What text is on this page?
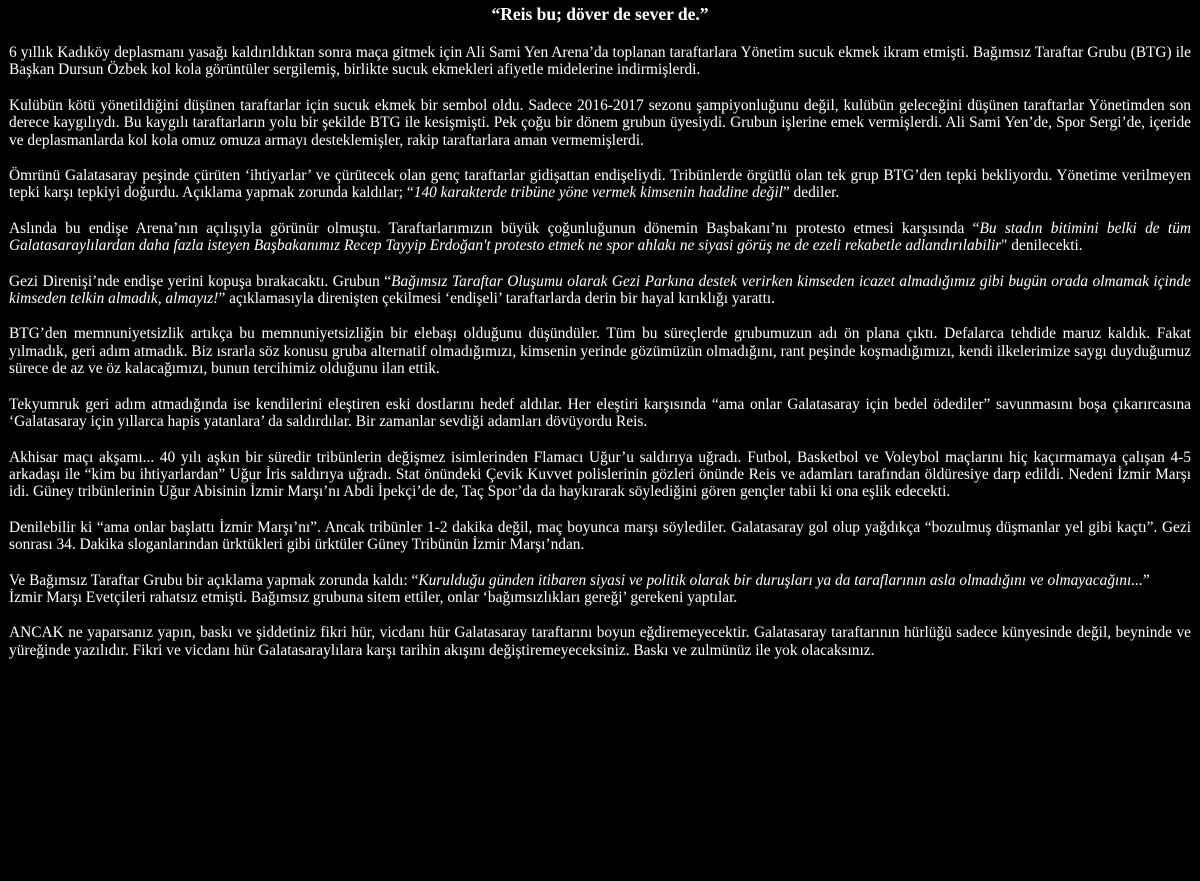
“Reis bu; döver de sever de.”

6 yıllık Kadıköy deplasmanı yasağı kaldırıldıktan sonra maça gitmek için Ali Sami Yen Arena’da toplanan taraftarlara Yönetim sucuk ekmek ikram etmişti. Bağımsız Taraftar Grubu (BTG) ile Başkan Dursun Özbek kol kola görüntüler sergilemiş, birlikte sucuk ekmekleri afiyetle midelerine indirmişlerdi.

Kulübün kötü yönetildiğini düşünen taraftarlar için sucuk ekmek bir sembol oldu. Sadece 2016-2017 sezonu şampiyonluğunu değil, kulübün geleceğini düşünen taraftarlar Yönetimden son derece kaygılıydı. Bu kaygılı taraftarların yolu bir şekilde BTG ile kesişmişti. Pek çoğu bir dönem grubun üyesiydi. Grubun işlerine emek vermişlerdi. Ali Sami Yen’de, Spor Sergi’de, içeride ve deplasmanlarda kol kola omuz omuza armayı desteklemişler, rakip taraftarlara aman vermemişlerdi.

Ömrünü Galatasaray peşinde çürüten ‘ihtiyarlar’ ve çürütecek olan genç taraftarlar gidişattan endişeliydi. Tribünlerde örgütlü olan tek grup BTG’den tepki bekliyordu. Yönetime verilmeyen tepki karşı tepkiyi doğurdu. Açıklama yapmak zorunda kaldılar; “140 karakterde tribüne yöne vermek kimsenin haddine değil” dediler.

Aslında bu endişe Arena’nın açılışıyla görünür olmuştu. Taraftarlarımızın büyük çoğunluğunun dönemin Başbakanı’nı protesto etmesi karşısında “Bu stadın bitimini belki de tüm Galatasaraylılardan daha fazla isteyen Başbakanımız Recep Tayyip Erdoğan't protesto etmek ne spor ahlakı ne siyasi görüş ne de ezeli rekabetle adlandırılabilir" denilecekti.

Gezi Direnişi’nde endişe yerini kopuşa bırakacaktı. Grubun “Bağımsız Taraftar Oluşumu olarak Gezi Parkına destek verirken kimseden icazet almadığımız gibi bugün orada olmamak içinde kimseden telkin almadık, almayız!” açıklamasıyla direnişten çekilmesi ‘endişeli’ taraftarlarda derin bir hayal kırıklığı yarattı.

BTG’den memnuniyetsizlik artıkça bu memnuniyetsizliğin bir elebaşı olduğunu düşündüler. Tüm bu süreçlerde grubumuzun adı ön plana çıktı. Defalarca tehdide maruz kaldık. Fakat yılmadık, geri adım atmadık. Biz ısrarla söz konusu gruba alternatif olmadığımızı, kimsenin yerinde gözümüzün olmadığını, rant peşinde koşmadığımızı, kendi ilkelerimize saygı duyduğumuz sürece de az ve öz kalacağımızı, bunun tercihimiz olduğunu ilan ettik.

Tekyumruk geri adım atmadığında ise kendilerini eleştiren eski dostlarını hedef aldılar. Her eleştiri karşısında “ama onlar Galatasaray için bedel ödediler” savunmasını boşa çıkarırcasına ‘Galatasaray için yıllarca hapis yatanlara’ da saldırdılar. Bir zamanlar sevdiği adamları dövüyordu Reis.

Akhisar maçı akşamı... 40 yılı aşkın bir süredir tribünlerin değişmez isimlerinden Flamacı Uğur’u saldırıya uğradı. Futbol, Basketbol ve Voleybol maçlarını hiç kaçırmamaya çalışan 4-5 arkadaşı ile “kim bu ihtiyarlardan” Uğur İris saldırıya uğradı. Stat önündeki Çevik Kuvvet polislerinin gözleri önünde Reis ve adamları tarafından öldüresiye darp edildi. Nedeni İzmir Marşı idi. Güney tribünlerinin Uğur Abisinin İzmir Marşı’nı Abdi İpekçi’de de, Taç Spor’da da haykırarak söylediğini gören gençler tabii ki ona eşlik edecekti.

Denilebilir ki “ama onlar başlattı İzmir Marşı’nı”. Ancak tribünler 1-2 dakika değil, maç boyunca marşı söylediler. Galatasaray gol olup yağdıkça “bozulmuş düşmanlar yel gibi kaçtı”. Gezi sonrası 34. Dakika sloganlarından ürktükleri gibi ürktüler Güney Tribünün İzmir Marşı’ndan.

Ve Bağımsız Taraftar Grubu bir açıklama yapmak zorunda kaldı: “Kurulduğu günden itibaren siyasi ve politik olarak bir duruşları ya da taraflarının asla olmadığını ve olmayacağını...”

İzmir Marşı Evetçileri rahatsız etmişti. Bağımsız grubuna sitem ettiler, onlar ‘bağımsızlıkları gereği’ gerekeni yaptılar.

ANCAK ne yaparsanız yapın, baskı ve şiddetiniz fikri hür, vicdanı hür Galatasaray taraftarını boyun eğdiremeyecektir. Galatasaray taraftarının hürlüğü sadece künyesinde değil, beyninde ve yüreğinde yazılıdır. Fikri ve vicdanı hür Galatasaraylılara karşı tarihin akışını değiştiremeyeceksiniz. Baskı ve zulmünüz ile yok olacaksınız.
